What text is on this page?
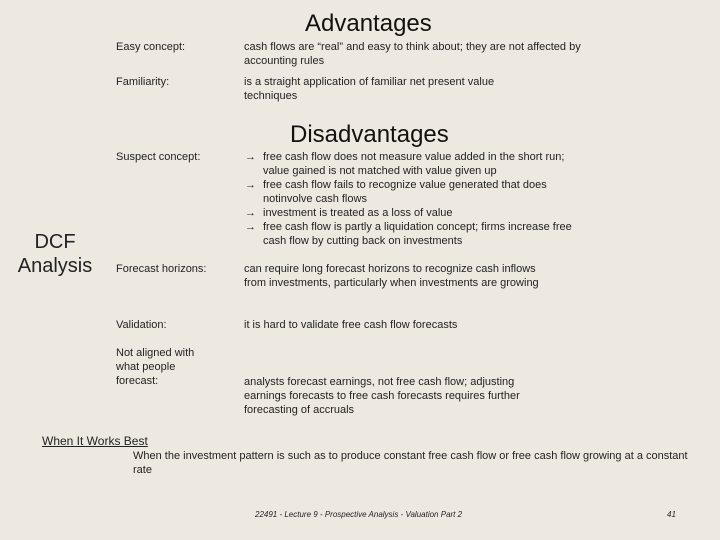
DCF
Analysis
Advantages
Easy concept:	cash flows are “real” and easy to think about; they are not affected by accounting rules
Familiarity:	is a straight application of familiar net present value techniques
Disadvantages
Suspect concept:	→ free cash flow does not measure value added in the short run; value gained is not matched with value given up
→ free cash flow fails to recognize value generated that does notinvolve cash flows
→ investment is treated as a loss of value
→ free cash flow is partly a liquidation concept; firms increase free cash flow by cutting back on investments
Forecast horizons:	can require long forecast horizons to recognize cash inflows from investments, particularly when investments are growing
Validation:	it is hard to validate free cash flow forecasts
Not aligned with what people forecast:	analysts forecast earnings, not free cash flow; adjusting earnings forecasts to free cash forecasts requires further forecasting of accruals
When It Works Best
When the investment pattern is such as to produce constant free cash flow or free cash flow growing at a constant rate
22491 - Lecture 9 - Prospective Analysis - Valuation Part 2	41
